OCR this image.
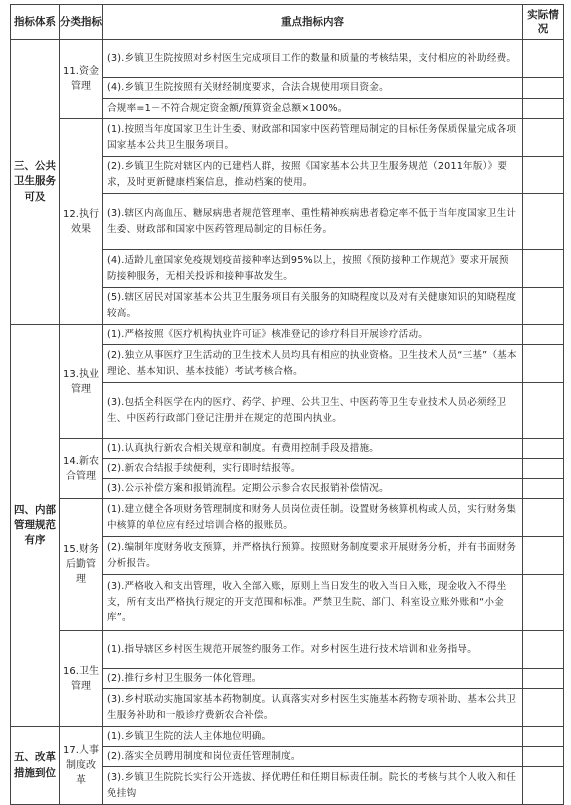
指标体系	分类指标	重点指标内容	实际情况
三、公共卫生服务可及	11.资金管理	(3).乡镇卫生院按照对乡村医生完成项目工作的数量和质量的考核结果，支付相应的补助经费。	
		(4).乡镇卫生院按照有关财经制度要求，合法合规使用项目资金。	
		合规率=1－不符合规定资金额/预算资金总额×100%。	
	12.执行效果	(1).按照当年度国家卫生计生委、财政部和国家中医药管理局制定的目标任务保质保量完成各项国家基本公共卫生服务项目。	
		(2).乡镇卫生院对辖区内的已建档人群，按照《国家基本公共卫生服务规范（2011年版）》要求，及时更新健康档案信息，推动档案的使用。	
		(3).辖区内高血压、糖尿病患者规范管理率、重性精神疾病患者稳定率不低于当年度国家卫生计生委、财政部和国家中医药管理局制定的目标任务。	
		(4).适龄儿童国家免疫规划疫苗接种率达到95%以上，按照《预防接种工作规范》要求开展预防接种服务，无相关投诉和接种事故发生。	
		(5).辖区居民对国家基本公共卫生服务项目有关服务的知晓程度以及对有关健康知识的知晓程度较高。	
四、内部管理规范有序	13.执业管理	(1).严格按照《医疗机构执业许可证》核准登记的诊疗科目开展诊疗活动。	
		(2).独立从事医疗卫生活动的卫生技术人员均具有相应的执业资格。卫生技术人员“三基”（基本理论、基本知识、基本技能）考试考核合格。	
		(3).包括全科医学在内的医疗、药学、护理、公共卫生、中医药等卫生专业技术人员必须经卫生、中医药行政部门登记注册并在规定的范围内执业。	
	14.新农合管理	(1).认真执行新农合相关规章和制度。有费用控制手段及措施。	
		(2).新农合结报手续便利，实行即时结报等。	
		(3).公示补偿方案和报销流程。定期公示参合农民报销补偿情况。	
	15.财务后勤管理	(1).建立健全各项财务管理制度和财务人员岗位责任制。设置财务核算机构或人员，实行财务集中核算的单位应有经过培训合格的报账员。	
		(2).编制年度财务收支预算，并严格执行预算。按照财务制度要求开展财务分析，并有书面财务分析报告。	
		(3).严格收入和支出管理，收入全部入账，原则上当日发生的收入当日入账，现金收入不得坐支，所有支出严格执行规定的开支范围和标准。严禁卫生院、部门、科室设立账外账和“小金库”。	
	16.卫生管理	(1).指导辖区乡村医生规范开展签约服务工作。对乡村医生进行技术培训和业务指导。	
		(2).推行乡村卫生服务一体化管理。	
		(3).乡村联动实施国家基本药物制度。认真落实对乡村医生实施基本药物专项补助、基本公共卫生服务补助和一般诊疗费新农合补偿。	
五、改革措施到位	17.人事制度改革	(1).乡镇卫生院的法人主体地位明确。	
		(2).落实全员聘用制度和岗位责任管理制度。	
		(3).乡镇卫生院院长实行公开选拔、择优聘任和任期目标责任制。院长的考核与其个人收入和任免挂钩	
